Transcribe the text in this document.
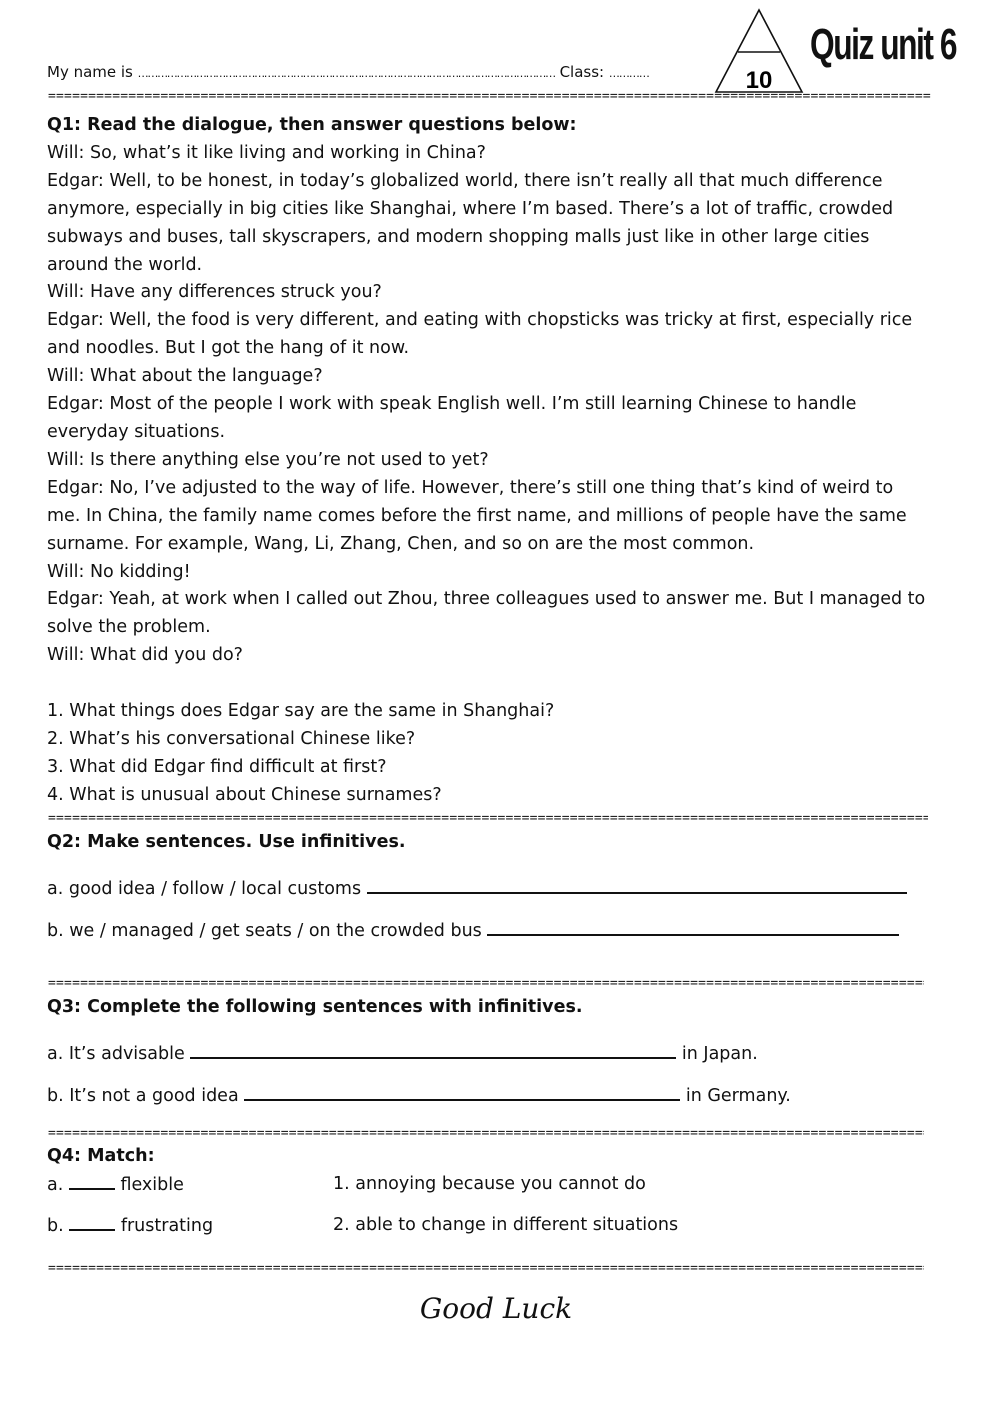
My name is ………………………………………………………………………………………………………………… Class: …………	10
Quiz unit 6
=====

Q1: Read the dialogue, then answer questions below:

Will: So, what’s it like living and working in China?

Edgar: Well, to be honest, in today’s globalized world, there isn’t really all that much difference anymore, especially in big cities like Shanghai, where I’m based. There’s a lot of traffic, crowded subways and buses, tall skyscrapers, and modern shopping malls just like in other large cities around the world.

Will: Have any differences struck you?

Edgar: Well, the food is very different, and eating with chopsticks was tricky at first, especially rice and noodles. But I got the hang of it now.

Will: What about the language?

Edgar: Most of the people I work with speak English well. I’m still learning Chinese to handle everyday situations.

Will: Is there anything else you’re not used to yet?

Edgar: No, I’ve adjusted to the way of life. However, there’s still one thing that’s kind of weird to me. In China, the family name comes before the first name, and millions of people have the same surname. For example, Wang, Li, Zhang, Chen, and so on are the most common.

Will: No kidding!

Edgar: Yeah, at work when I called out Zhou, three colleagues used to answer me. But I managed to solve the problem.

Will: What did you do?

1. What things does Edgar say are the same in Shanghai?

2. What’s his conversational Chinese like?

3. What did Edgar find difficult at first?

4. What is unusual about Chinese surnames?

=====
Q2: Make sentences. Use infinitives.
a. good idea / follow / local customs
b. we / managed / get seats / on the crowded bus
=====
Q3: Complete the following sentences with infinitives.
a. It’s advisable	in Japan.
b. It’s not a good idea	in Germany.
=====
Q4: Match:
a.	flexible	1. annoying because you cannot do
b.	frustrating	2. able to change in different situations
=====
Good Luck
